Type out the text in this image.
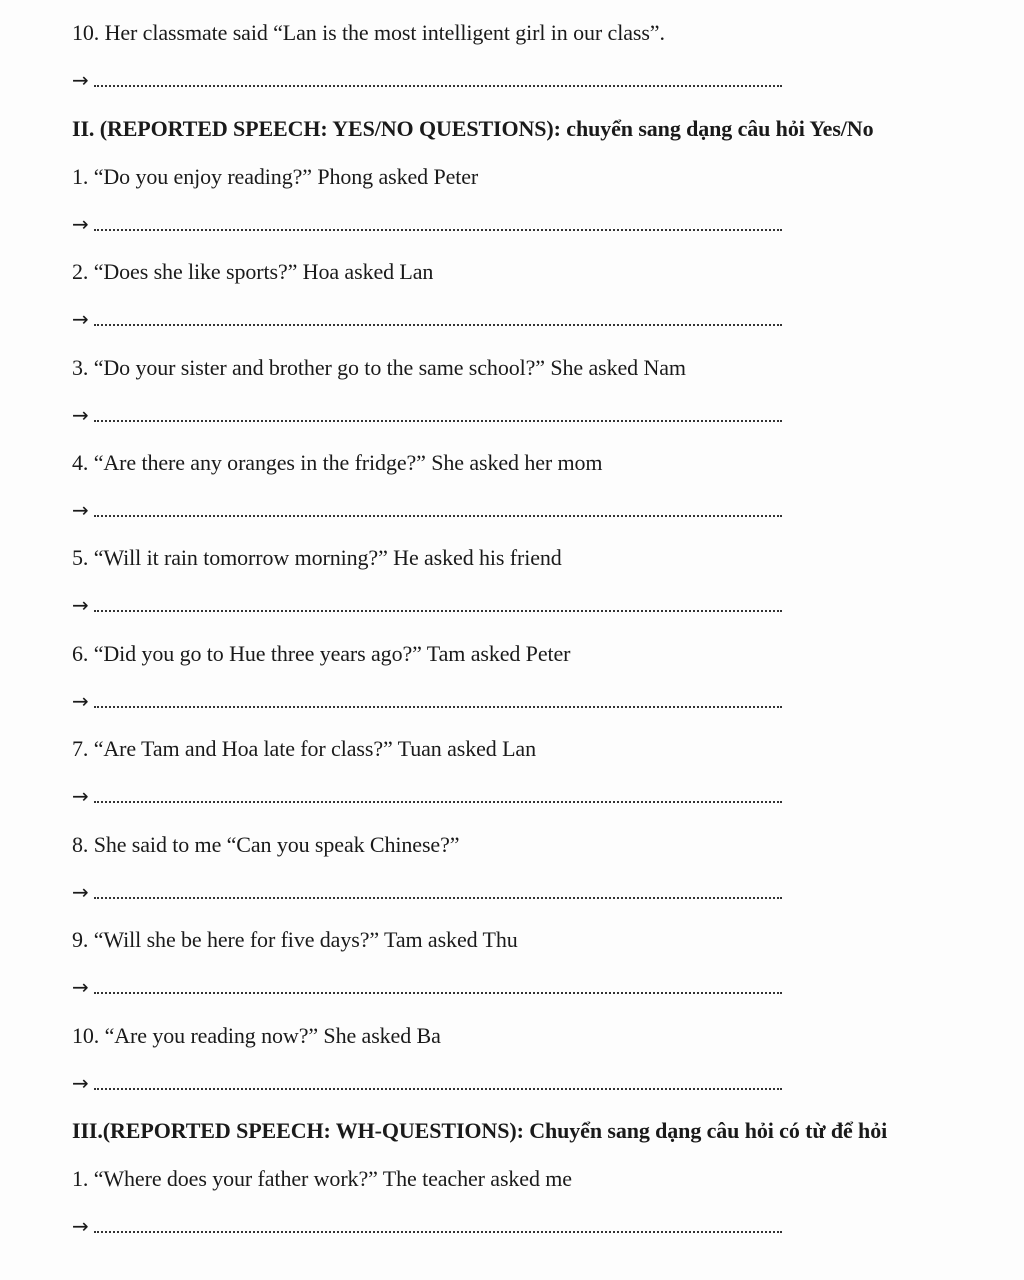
10. Her classmate said “Lan is the most intelligent girl in our class”.
→
II. (REPORTED SPEECH: YES/NO QUESTIONS): chuyển sang dạng câu hỏi Yes/No
1. “Do you enjoy reading?” Phong asked Peter
→
2. “Does she like sports?” Hoa asked Lan
→
3. “Do your sister and brother go to the same school?” She asked Nam
→
4. “Are there any oranges in the fridge?” She asked her mom
→
5. “Will it rain tomorrow morning?” He asked his friend
→
6. “Did you go to Hue three years ago?” Tam asked Peter
→
7. “Are Tam and Hoa late for class?” Tuan asked Lan
→
8. She said to me “Can you speak Chinese?”
→
9. “Will she be here for five days?” Tam asked Thu
→
10. “Are you reading now?” She asked Ba
→
III.(REPORTED SPEECH: WH-QUESTIONS): Chuyển sang dạng câu hỏi có từ để hỏi
1. “Where does your father work?” The teacher asked me
→
